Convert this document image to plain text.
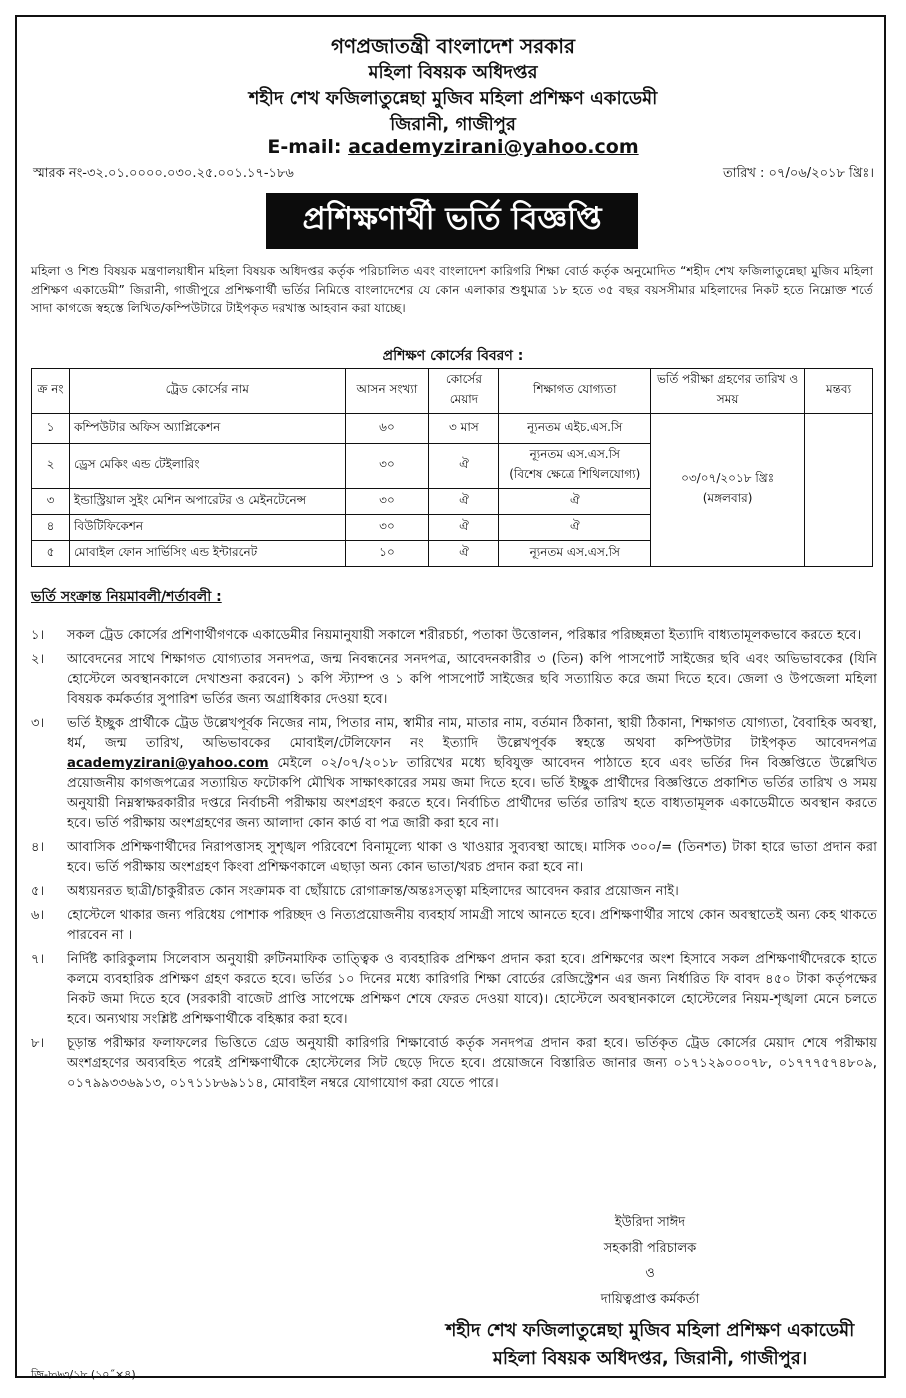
গণপ্রজাতন্ত্রী বাংলাদেশ সরকার
মহিলা বিষয়ক অধিদপ্তর
শহীদ শেখ ফজিলাতুন্নেছা মুজিব মহিলা প্রশিক্ষণ একাডেমী
জিরানী, গাজীপুর
E-mail: academyzirani@yahoo.com
স্মারক নং-৩২.০১.০০০০.০৩০.২৫.০০১.১৭-১৮৬	তারিখ : ০৭/০৬/২০১৮ খ্রিঃ।
প্রশিক্ষণার্থী ভর্তি বিজ্ঞপ্তি
মহিলা ও শিশু বিষয়ক মন্ত্রণালয়াধীন মহিলা বিষয়ক অধিদপ্তর কর্তৃক পরিচালিত এবং বাংলাদেশ কারিগরি শিক্ষা বোর্ড কর্তৃক অনুমোদিত “শহীদ শেখ ফজিলাতুন্নেছা মুজিব মহিলা প্রশিক্ষণ একাডেমী” জিরানী, গাজীপুরে প্রশিক্ষণার্থী ভর্তির নিমিত্তে বাংলাদেশের যে কোন এলাকার শুধুমাত্র ১৮ হতে ৩৫ বছর বয়সসীমার মহিলাদের নিকট হতে নিম্নোক্ত শর্তে সাদা কাগজে স্বহস্তে লিখিত/কম্পিউটারে টাইপকৃত দরখাস্ত আহবান করা যাচ্ছে।
প্রশিক্ষণ কোর্সের বিবরণ :
ক্র নং	ট্রেড কোর্সের নাম	আসন সংখ্যা	কোর্সের মেয়াদ	শিক্ষাগত যোগ্যতা	ভর্তি পরীক্ষা গ্রহণের তারিখ ও সময়	মন্তব্য
১	কম্পিউটার অফিস অ্যাপ্লিকেশন	৬০	৩ মাস	ন্যূনতম এইচ.এস.সি	০৩/০৭/২০১৮ খ্রিঃ
(মঙ্গলবার)	

২	ড্রেস মেকিং এন্ড টেইলারিং	৩০	ঐ	ন্যূনতম এস.এস.সি
(বিশেষ ক্ষেত্রে শিথিলযোগ্য)		

৩	ইন্ডাস্ট্রিয়াল সুইং মেশিন অপারেটর ও মেইনটেনেন্স	৩০	ঐ	ঐ		
৪	বিউটিফিকেশন	৩০	ঐ	ঐ		
৫	মোবাইল ফোন সার্ভিসিং এন্ড ইন্টারনেট	১০	ঐ	ন্যূনতম এস.এস.সি		
ভর্তি সংক্রান্ত নিয়মাবলী/শর্তাবলী :
১।	সকল ট্রেড কোর্সের প্রশিণার্থীগণকে একাডেমীর নিয়মানুযায়ী সকালে শরীরচর্চা, পতাকা উত্তোলন, পরিষ্কার পরিচ্ছন্নতা ইত্যাদি বাধ্যতামূলকভাবে করতে হবে।
২।	আবেদনের সাথে শিক্ষাগত যোগ্যতার সনদপত্র, জন্ম নিবন্ধনের সনদপত্র, আবেদনকারীর ৩ (তিন) কপি পাসপোর্ট সাইজের ছবি এবং অভিভাবকের (যিনি হোস্টেলে অবস্থানকালে দেখাশুনা করবেন) ১ কপি স্ট্যাম্প ও ১ কপি পাসপোর্ট সাইজের ছবি সত্যায়িত করে জমা দিতে হবে। জেলা ও উপজেলা মহিলা বিষয়ক কর্মকর্তার সুপারিশ ভর্তির জন্য অগ্রাধিকার দেওয়া হবে।
৩।	ভর্তি ইচ্ছুক প্রার্থীকে ট্রেড উল্লেখপূর্বক নিজের নাম, পিতার নাম, স্বামীর নাম, মাতার নাম, বর্তমান ঠিকানা, স্থায়ী ঠিকানা, শিক্ষাগত যোগ্যতা, বৈবাহিক অবস্থা, ধর্ম, জন্ম তারিখ, অভিভাবকের মোবাইল/টেলিফোন নং ইত্যাদি উল্লেখপূর্বক স্বহস্তে অথবা কম্পিউটার টাইপকৃত আবেদনপত্র academyzirani@yahoo.com মেইলে ০২/০৭/২০১৮ তারিখের মধ্যে ছবিযুক্ত আবেদন পাঠাতে হবে এবং ভর্তির দিন বিজ্ঞপ্তিতে উল্লেখিত প্রয়োজনীয় কাগজপত্রের সত্যায়িত ফটোকপি মৌখিক সাক্ষাৎকারের সময় জমা দিতে হবে। ভর্তি ইচ্ছুক প্রার্থীদের বিজ্ঞপ্তিতে প্রকাশিত ভর্তির তারিখ ও সময় অনুযায়ী নিম্নস্বাক্ষরকারীর দপ্তরে নির্বাচনী পরীক্ষায় অংশগ্রহণ করতে হবে। নির্বাচিত প্রার্থীদের ভর্তির তারিখ হতে বাধ্যতামূলক একাডেমীতে অবস্থান করতে হবে। ভর্তি পরীক্ষায় অংশগ্রহণের জন্য আলাদা কোন কার্ড বা পত্র জারী করা হবে না।
৪।	আবাসিক প্রশিক্ষণার্থীদের নিরাপত্তাসহ সুশৃঙ্খল পরিবেশে বিনামূল্যে থাকা ও খাওয়ার সুব্যবস্থা আছে। মাসিক ৩০০/= (তিনশত) টাকা হারে ভাতা প্রদান করা হবে। ভর্তি পরীক্ষায় অংশগ্রহণ কিংবা প্রশিক্ষণকালে এছাড়া অন্য কোন ভাতা/খরচ প্রদান করা হবে না।
৫।	অধ্যয়নরত ছাত্রী/চাকুরীরত কোন সংক্রামক বা ছোঁয়াচে রোগাক্রান্ত/অন্তঃসত্ত্বা মহিলাদের আবেদন করার প্রয়োজন নাই।
৬।	হোস্টেলে থাকার জন্য পরিধেয় পোশাক পরিচ্ছদ ও নিত্যপ্রয়োজনীয় ব্যবহার্য সামগ্রী সাথে আনতে হবে। প্রশিক্ষণার্থীর সাথে কোন অবস্থাতেই অন্য কেহ থাকতে পারবেন না ।
৭।	নির্দিষ্ট কারিকুলাম সিলেবাস অনুযায়ী রুটিনমাফিক তাত্ত্বিক ও ব্যবহারিক প্রশিক্ষণ প্রদান করা হবে। প্রশিক্ষণের অংশ হিসাবে সকল প্রশিক্ষণার্থীদেরকে হাতে কলমে ব্যবহারিক প্রশিক্ষণ গ্রহণ করতে হবে। ভর্তির ১০ দিনের মধ্যে কারিগরি শিক্ষা বোর্ডের রেজিস্ট্রেশন এর জন্য নির্ধারিত ফি বাবদ ৪৫০ টাকা কর্তৃপক্ষের নিকট জমা দিতে হবে (সরকারী বাজেট প্রাপ্তি সাপেক্ষে প্রশিক্ষণ শেষে ফেরত দেওয়া যাবে)। হোস্টেলে অবস্থানকালে হোস্টেলের নিয়ম-শৃঙ্খলা মেনে চলতে হবে। অন্যথায় সংশ্লিষ্ট প্রশিক্ষণার্থীকে বহিষ্কার করা হবে।
৮।	চূড়ান্ত পরীক্ষার ফলাফলের ভিত্তিতে গ্রেড অনুযায়ী কারিগরি শিক্ষাবোর্ড কর্তৃক সনদপত্র প্রদান করা হবে। ভর্তিকৃত ট্রেড কোর্সের মেয়াদ শেষে পরীক্ষায় অংশগ্রহণের অব্যবহিত পরেই প্রশিক্ষণার্থীকে হোস্টেলের সিট ছেড়ে দিতে হবে। প্রয়োজনে বিস্তারিত জানার জন্য ০১৭১২৯০০০৭৮, ০১৭৭৭৫৭৪৮০৯, ০১৭৯৯৩৩৬৯১৩, ০১৭১১৮৬৯১১৪, মোবাইল নম্বরে যোগাযোগ করা যেতে পারে।
ইউরিদা সাঈদ
সহকারী পরিচালক
ও
দায়িত্বপ্রাপ্ত কর্মকর্তা
শহীদ শেখ ফজিলাতুন্নেছা মুজিব মহিলা প্রশিক্ষণ একাডেমী
মহিলা বিষয়ক অধিদপ্তর, জিরানী, গাজীপুর।
জি-৮৬৩/১৮ (১০˝×৪)
